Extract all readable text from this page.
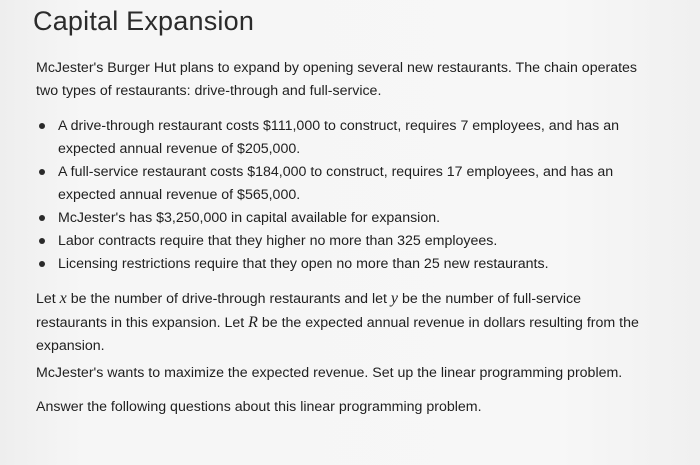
Capital Expansion
McJester's Burger Hut plans to expand by opening several new restaurants. The chain operates
two types of restaurants: drive-through and full-service.
A drive-through restaurant costs $111,000 to construct, requires 7 employees, and has an
expected annual revenue of $205,000.
A full-service restaurant costs $184,000 to construct, requires 17 employees, and has an
expected annual revenue of $565,000.
McJester's has $3,250,000 in capital available for expansion.
Labor contracts require that they higher no more than 325 employees.
Licensing restrictions require that they open no more than 25 new restaurants.
Let x be the number of drive-through restaurants and let y be the number of full-service
restaurants in this expansion. Let R be the expected annual revenue in dollars resulting from the
expansion.
McJester's wants to maximize the expected revenue. Set up the linear programming problem.
Answer the following questions about this linear programming problem.
